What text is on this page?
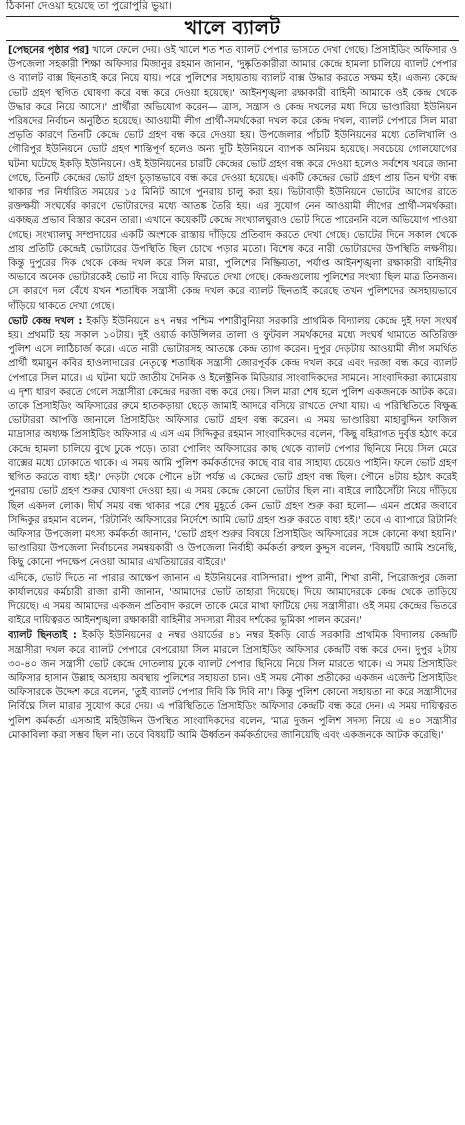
ঠিকানা দেওয়া হয়েছে তা পুরোপুরি ভুয়া।
খালে ব্যালট

[পেছনের পৃষ্ঠার পর] খালে ফেলে দেয়। ওই খালে শত শত ব্যালট পেপার ভাসতে দেখা গেছে। প্রিসাইডিং অফিসার ও উপজেলা সহকারী শিক্ষা অফিসার মিজানুর রহমান জানান, 'দুষ্কৃতিকারীরা আমার কেন্দ্রে হামলা চালিয়ে ব্যালট পেপার ও ব্যালট বাক্স ছিনতাই করে নিয়ে যায়। পরে পুলিশের সহায়তায় ব্যালট বাক্স উদ্ধার করতে সক্ষম হই। এজন্য কেন্দ্রে ভোট গ্রহণ স্থগিত ঘোষণা করে বন্ধ করে দেওয়া হয়েছে।' আইনশৃঙ্খলা রক্ষাকারী বাহিনী আমাকে ওই কেন্দ্র থেকে উদ্ধার করে নিয়ে আসে।' প্রার্থীরা অভিযোগ করেন— ত্রাস, সন্ত্রাস ও কেন্দ্র দখলের মধ্য দিয়ে ভাণ্ডারিয়া ইউনিয়ন পরিষদের নির্বাচন অনুষ্ঠিত হয়েছে। আওয়ামী লীগ প্রার্থী-সমর্থকেরা দখল করে কেন্দ্র দখল, ব্যালট পেপারে সিল মারা প্রভৃতি কারণে তিনটি কেন্দ্রে ভোট গ্রহণ বন্ধ করে দেওয়া হয়। উপজেলার পাঁচটি ইউনিয়নের মধ্যে তেলিখালি ও গৌরিপুর ইউনিয়নে ভোট গ্রহণ শান্তিপূর্ণ হলেও অন্য দুটি ইউনিয়নে ব্যাপক অনিয়ম হয়েছে। সবচেয়ে গোলযোগের ঘটনা ঘটেছে ইকড়ি ইউনিয়নে। ওই ইউনিয়নের চারটি কেন্দ্রের ভোট গ্রহণ বন্ধ করে দেওয়া হলেও সর্বশেষ খবরে জানা গেছে, তিনটি কেন্দ্রের ভোট গ্রহণ চূড়ান্তভাবে বন্ধ করে দেওয়া হয়েছে। একটি কেন্দ্রের ভোট গ্রহণ প্রায় তিন ঘণ্টা বন্ধ থাকার পর নির্ধারিত সময়ের ১৫ মিনিট আগে পুনরায় চালু করা হয়। ভিটাবাড়ী ইউনিয়নে ভোটের আগের রাতে রক্তক্ষয়ী সংঘর্ষের কারণে ভোটারদের মধ্যে আতঙ্ক তৈরি হয়। এর সুযোগ নেন আওয়ামী লীগের প্রার্থী-সমর্থকরা। একচ্ছত্র প্রভাব বিস্তার করেন তারা। এখানে কয়েকটি কেন্দ্রে সংখ্যালঘুরাও ভোট দিতে পারেননি বলে অভিযোগ পাওয়া গেছে। সংখ্যালঘু সম্প্রদায়ের একটি অংশকে রাস্তায় দাঁড়িয়ে প্রতিবাদ করতে দেখা গেছে। ভোটের দিনে সকাল থেকে প্রায় প্রতিটি কেন্দ্রেই ভোটারের উপস্থিতি ছিল চোখে পড়ার মতো। বিশেষ করে নারী ভোটারদের উপস্থিতি লক্ষণীয়। কিন্তু দুপুরের দিক থেকে কেন্দ্র দখল করে সিল মারা, পুলিশের নিষ্ক্রিয়তা, পর্যাপ্ত আইনশৃঙ্খলা রক্ষাকারী বাহিনীর অভাবে অনেক ভোটারকেই ভোট না দিয়ে বাড়ি ফিরতে দেখা গেছে। কেন্দ্রগুলোয় পুলিশের সংখ্যা ছিল মাত্র তিনজন। সে কারণে দল বেঁধে যখন শতাধিক সন্ত্রাসী কেন্দ্র দখল করে ব্যালট ছিনতাই করেছে তখন পুলিশদের অসহায়ভাবে দাঁড়িয়ে থাকতে দেখা গেছে।

ভোট কেন্দ্র দখল : ইকড়ি ইউনিয়নে ৪৭ নম্বর পশ্চিম পশারীবুনিয়া সরকারি প্রাথমিক বিদ্যালয় কেন্দ্রে দুই দফা সংঘর্ষ হয়। প্রথমটি হয় সকাল ১০টায়। দুই ওয়ার্ড কাউন্সিলর তালা ও ফুটবল সমর্থকদের মধ্যে সংঘর্ষ থামাতে অতিরিক্ত পুলিশ এসে লাঠিচার্জ করে। এতে নারী ভোটারসহ আতঙ্কে কেন্দ্র ত্যাগ করেন। দুপুর দেড়টায় আওয়ামী লীগ সমর্থিত প্রার্থী হুমায়ুন কবির হাওলাদারের নেতৃত্বে শতাধিক সন্ত্রাসী জোরপূর্বক কেন্দ্র দখল করে এবং দরজা বন্ধ করে ব্যালট পেপারে সিল মারে। এ ঘটনা ঘটে জাতীয় দৈনিক ও ইলেক্ট্রনিক মিডিয়ার সাংবাদিকদের সামনে। সাংবাদিকরা ক্যামেরায় এ দৃশ্য ধারণ করতে গেলে সন্ত্রাসীরা কেন্দ্রের দরজা বন্ধ করে দেয়। সিল মারা শেষ হলে পুলিশ একজনকে আটক করে। তাকে প্রিসাইডিং অফিসারের রুমে হাতকড়ায়া ছেড়ে জামাই আদরে বসিয়ে রাখতে দেখা যায়। এ পরিস্থিতিতে বিক্ষুব্ধ ভোটাররা আপত্তি জানালে প্রিসাইডিং অফিসার ভোট গ্রহণ বন্ধ করেন। এ সময় ভাণ্ডারিয়া মাহাবুদ্দিন ফাজিল মাদ্রাসার অধ্যক্ষ প্রিসাইডিং অফিসার এ এস এম সিদ্দিকুর রহমান সাংবাদিকদের বলেন, 'কিছু বহিরাগত দুর্বৃত্ত হঠাৎ করে কেন্দ্রে হামলা চালিয়ে বুথে ঢুকে পড়ে। তারা পোলিং অফিসারের কাছ থেকে ব্যালট পেপার ছিনিয়ে নিয়ে সিল মেরে বাক্সের মধ্যে ঢোকাতে থাকে। এ সময় আমি পুলিশ কর্মকর্তাদের কাছে বার বার সাহায্য চেয়েও পাইনি। ফলে ভোট গ্রহণ স্থগিত করতে বাধ্য হই।' দেড়টা থেকে পৌনে ৪টা পর্যন্ত এ কেন্দ্রের ভোট গ্রহণ বন্ধ ছিল। পৌনে ৪টায় হঠাৎ করেই পুনরায় ভোট গ্রহণ শুরুর ঘোষণা দেওয়া হয়। এ সময় কেন্দ্রে কোনো ভোটার ছিল না। বাইরে লাঠিসোঁটা নিয়ে দাঁড়িয়ে ছিল একদল লোক। দীর্ঘ সময় বন্ধ থাকার পরে শেষ মুহূর্তে কেন ভোট গ্রহণ শুরু করা হলো— এমন প্রশ্নের জবাবে সিদ্দিকুর রহমান বলেন, 'রিটার্নিং অফিসারের নির্দেশে আমি ভোট গ্রহণ শুরু করতে বাধ্য হই।' তবে এ ব্যাপারে রিটার্নিং অফিসার উপজেলা মৎস্য কর্মকর্তা জানান, 'ভোট গ্রহণ শুরুর বিষয়ে প্রিসাইডিং অফিসারের সঙ্গে কোনো কথা হয়নি।' ভাণ্ডারিয়া উপজেলা নির্বাচনের সমন্বয়কারী ও উপজেলা নির্বাহী কর্মকর্তা রুহুল কুদ্দুস বলেন, 'বিষয়টি আমি শুনেছি, কিছু কোনো পদক্ষেপ নেওয়া আমার এখতিয়ারের বাইরে।'

এদিকে, ভোট দিতে না পারার আক্ষেপ জানান এ ইউনিয়নের বাসিন্দারা। পুষ্প রানী, শিখা রানী, পিরোজপুর জেলা কার্যালয়ের কর্মচারী রাজা রানী জানান, 'আমাদের ভোট তাহারা দিয়েছে। দিয়ে আমাদেরকে কেন্দ্র থেকে তাড়িয়ে দিয়েছে। এ সময় আমাদের একজন প্রতিবাদ করলে তাকে মেরে মাথা ফাটিয়ে দেয় সন্ত্রাসীরা। ওই সময় কেন্দ্রের ভিতরে বাইরে দায়িত্বরত আইনশৃঙ্খলা রক্ষাকারী বাহিনীর সদস্যরা নীরব দর্শকের ভূমিকা পালন করেন।'

ব্যালট ছিনতাই : ইকড়ি ইউনিয়নের ৫ নম্বর ওয়ার্ডের ৪১ নম্বর ইকড়ি বোর্ড সরকারি প্রাথমিক বিদ্যালয় কেন্দ্রটি সন্ত্রাসীরা দখল করে ব্যালট পেপারে বেপরোয়া সিল মারলে প্রিসাইডিং অফিসার কেন্দ্রটি বন্ধ করে দেন। দুপুর ২টায় ৩০-৪০ জন সন্ত্রাসী ভোট কেন্দ্রে দোতলায় ঢুকে ব্যালট পেপার ছিনিয়ে নিয়ে সিল মারতে থাকে। এ সময় প্রিসাইডিং অফিসার হাসান উল্লাহ অসহায় অবস্থায় পুলিশের সহায়তা চান। ওই সময় নৌকা প্রতীকের একজন এজেন্ট প্রিসাইডিং অফিসারকে উদ্দেশ করে বলেন, 'তুই ব্যালট পেপার দিবি কি দিবি না'। কিন্তু পুলিশ কোনো সহায়তা না করে সন্ত্রাসীদের নির্বিঘ্নে সিল মারার সুযোগ করে দেয়। এ পরিস্থিতিতে প্রিসাইডিং অফিসার কেন্দ্রটি বন্ধ করে দেন। এ সময় দায়িত্বরত পুলিশ কর্মকর্তা এসআই মহিউদ্দিন উপস্থিত সাংবাদিকদের বলেন, 'মাত্র দুজন পুলিশ সদস্য নিয়ে এ ৪০ সন্ত্রাসীর মোকাবিলা করা সম্ভব ছিল না। তবে বিষয়টি আমি ঊর্ধ্বতন কর্মকর্তাদের জানিয়েছি এবং একজনকে আটক করেছি।'
